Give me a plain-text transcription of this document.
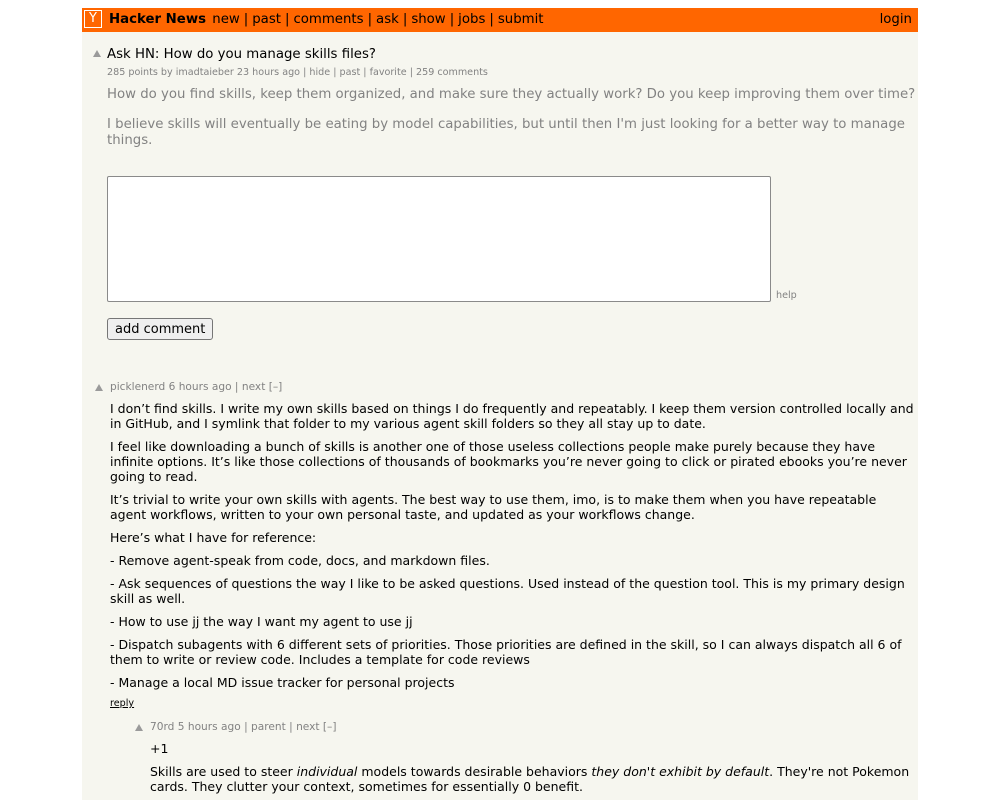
Y Hacker News new | past | comments | ask | show | jobs | submit	login
Ask HN: How do you manage skills files?
285 points by imadtaieber 23 hours ago | hide | past | favorite | 259 comments

How do you find skills, keep them organized, and make sure they actually work? Do you keep improving them over time?

I believe skills will eventually be eating by model capabilities, but until then I'm just looking for a better way to manage things.

help
add comment
picklenerd 6 hours ago | next [–]

I don’t find skills. I write my own skills based on things I do frequently and repeatably. I keep them version controlled locally and in GitHub, and I symlink that folder to my various agent skill folders so they all stay up to date.

I feel like downloading a bunch of skills is another one of those useless collections people make purely because they have infinite options. It’s like those collections of thousands of bookmarks you’re never going to click or pirated ebooks you’re never going to read.

It’s trivial to write your own skills with agents. The best way to use them, imo, is to make them when you have repeatable agent workflows, written to your own personal taste, and updated as your workflows change.

Here’s what I have for reference:

- Remove agent-speak from code, docs, and markdown files.

- Ask sequences of questions the way I like to be asked questions. Used instead of the question tool. This is my primary design skill as well.

- How to use jj the way I want my agent to use jj

- Dispatch subagents with 6 different sets of priorities. Those priorities are defined in the skill, so I can always dispatch all 6 of them to write or review code. Includes a template for code reviews

- Manage a local MD issue tracker for personal projects

reply
70rd 5 hours ago | parent | next [–]

+1

Skills are used to steer individual models towards desirable behaviors they don't exhibit by default. They're not Pokemon cards. They clutter your context, sometimes for essentially 0 benefit.
